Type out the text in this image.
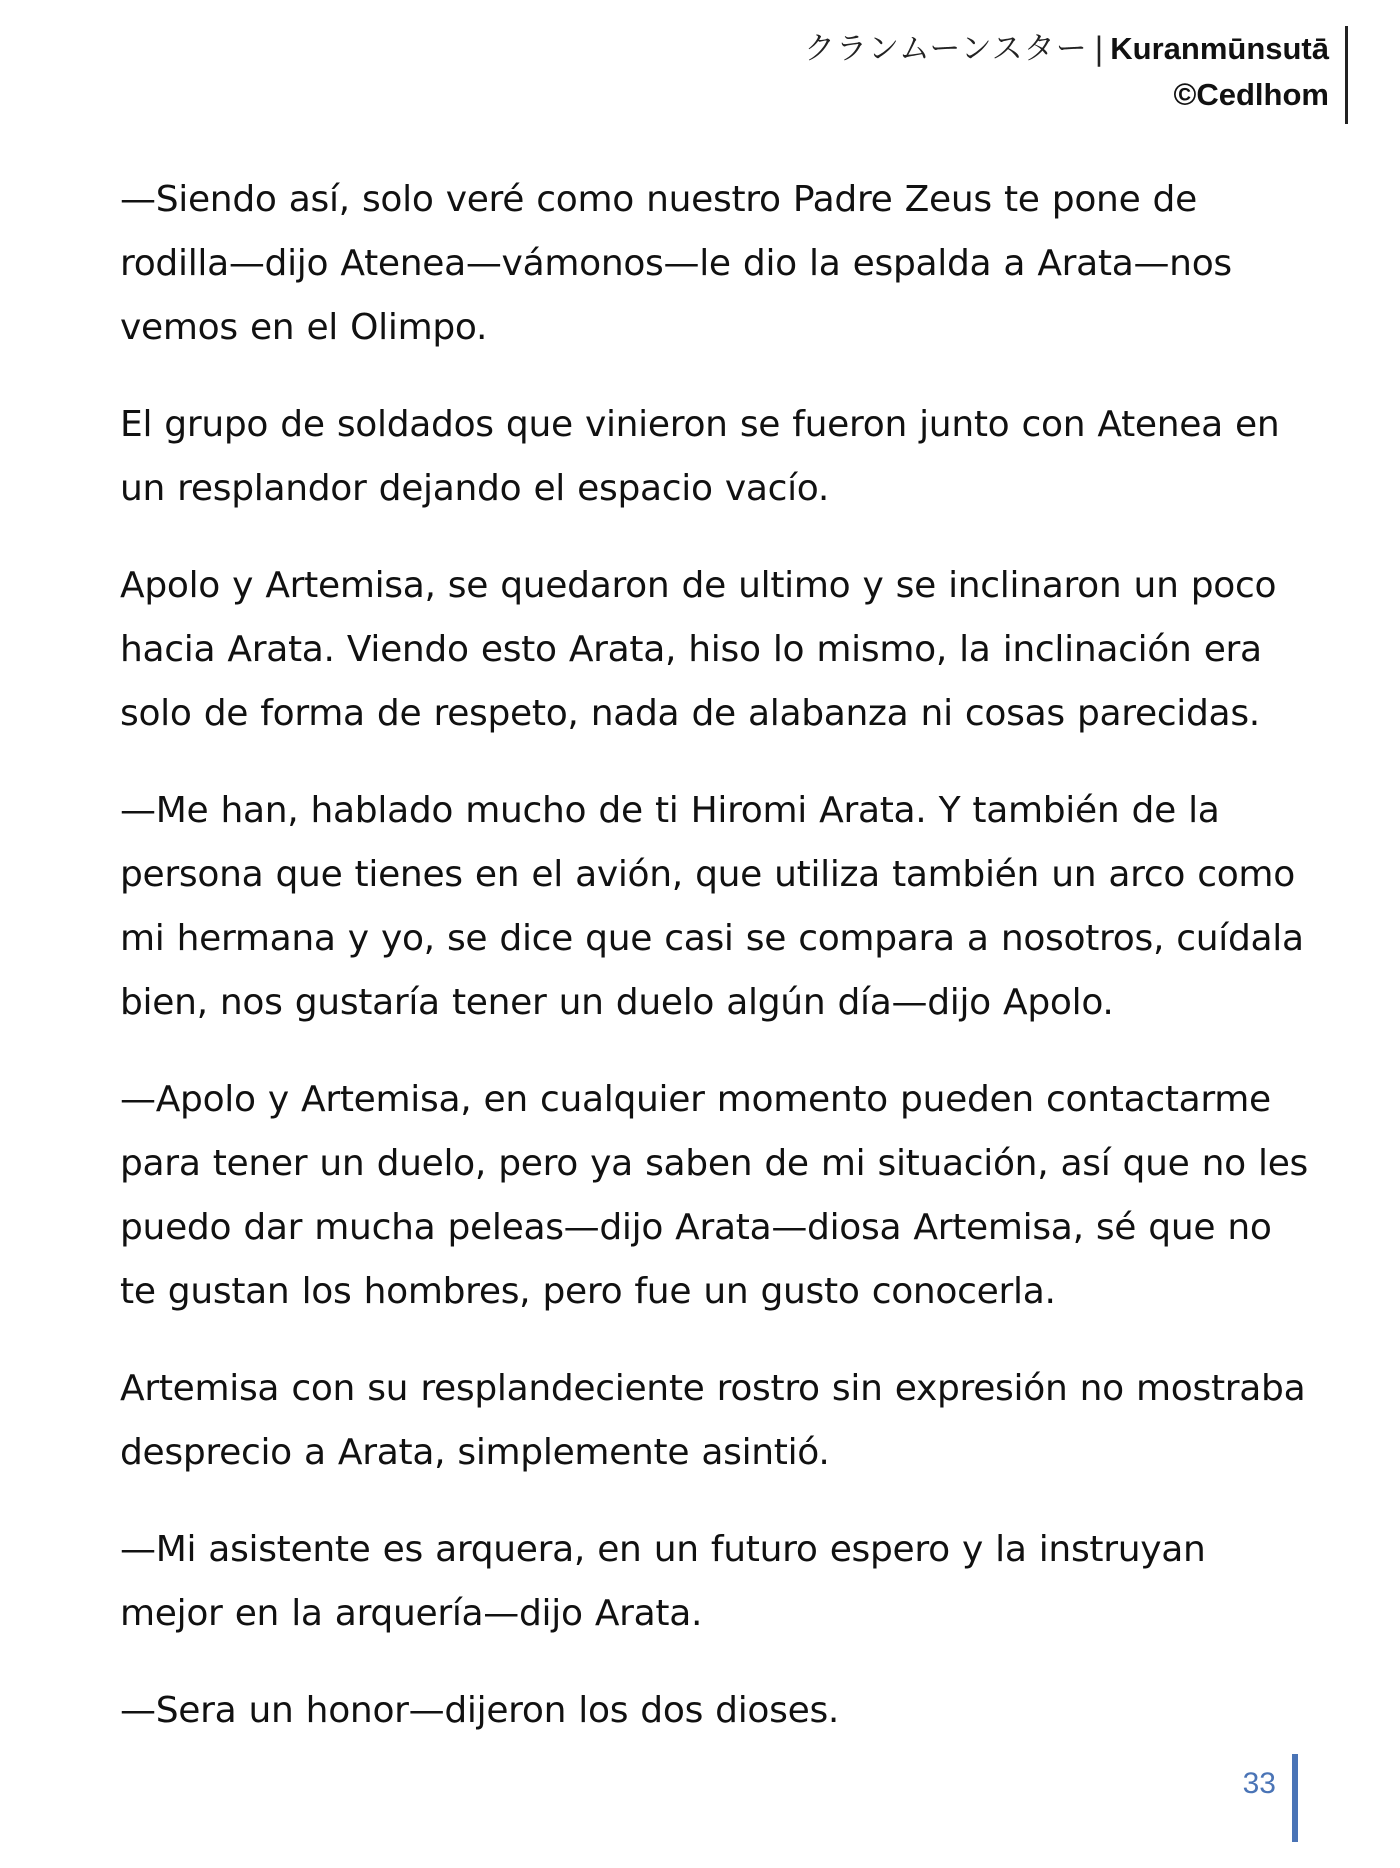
クランムーンスター | Kuranmūnsutā
©Cedlhom

—Siendo así, solo veré como nuestro Padre Zeus te pone de rodilla—dijo Atenea—vámonos—le dio la espalda a Arata—nos vemos en el Olimpo.

El grupo de soldados que vinieron se fueron junto con Atenea en un resplandor dejando el espacio vacío.

Apolo y Artemisa, se quedaron de ultimo y se inclinaron un poco hacia Arata. Viendo esto Arata, hiso lo mismo, la inclinación era solo de forma de respeto, nada de alabanza ni cosas parecidas.

—Me han, hablado mucho de ti Hiromi Arata. Y también de la persona que tienes en el avión, que utiliza también un arco como mi hermana y yo, se dice que casi se compara a nosotros, cuídala bien, nos gustaría tener un duelo algún día—dijo Apolo.

—Apolo y Artemisa, en cualquier momento pueden contactarme para tener un duelo, pero ya saben de mi situación, así que no les puedo dar mucha peleas—dijo Arata—diosa Artemisa, sé que no te gustan los hombres, pero fue un gusto conocerla.

Artemisa con su resplandeciente rostro sin expresión no mostraba desprecio a Arata, simplemente asintió.

—Mi asistente es arquera, en un futuro espero y la instruyan mejor en la arquería—dijo Arata.

—Sera un honor—dijeron los dos dioses.

33
